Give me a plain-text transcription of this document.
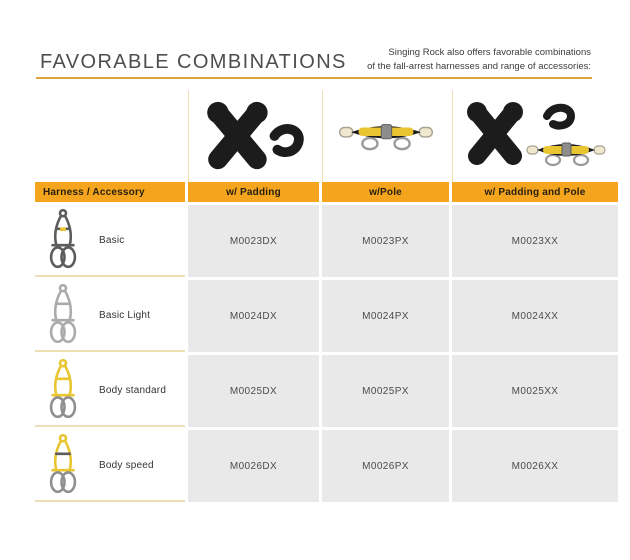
FAVORABLE COMBINATIONS	Singing Rock also offers favorable combinations
of the fall-arrest harnesses and range of accessories:
Harness / Accessory	w/ Padding	w/Pole	w/ Padding and Pole
Basic	M0023DX	M0023PX	M0023XX
Basic Light	M0024DX	M0024PX	M0024XX
Body standard	M0025DX	M0025PX	M0025XX
Body speed	M0026DX	M0026PX	M0026XX
